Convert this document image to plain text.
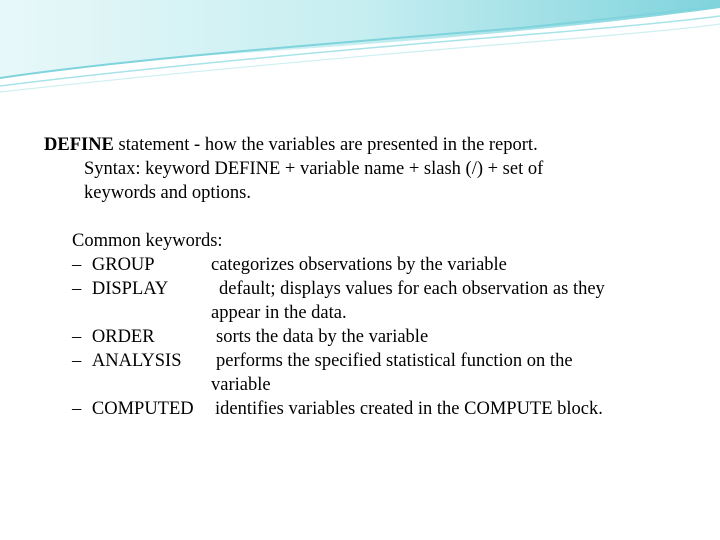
DEFINE statement - how the variables are presented in the report.
Syntax: keyword DEFINE + variable name + slash (/) + set of
keywords and options.
Common keywords:
– GROUP	categorizes observations by the variable
– DISPLAY	default; displays values for each observation as they
appear in the data.
– ORDER	sorts the data by the variable
– ANALYSIS performs the specified statistical function on the
variable
– COMPUTED identifies variables created in the COMPUTE block.
